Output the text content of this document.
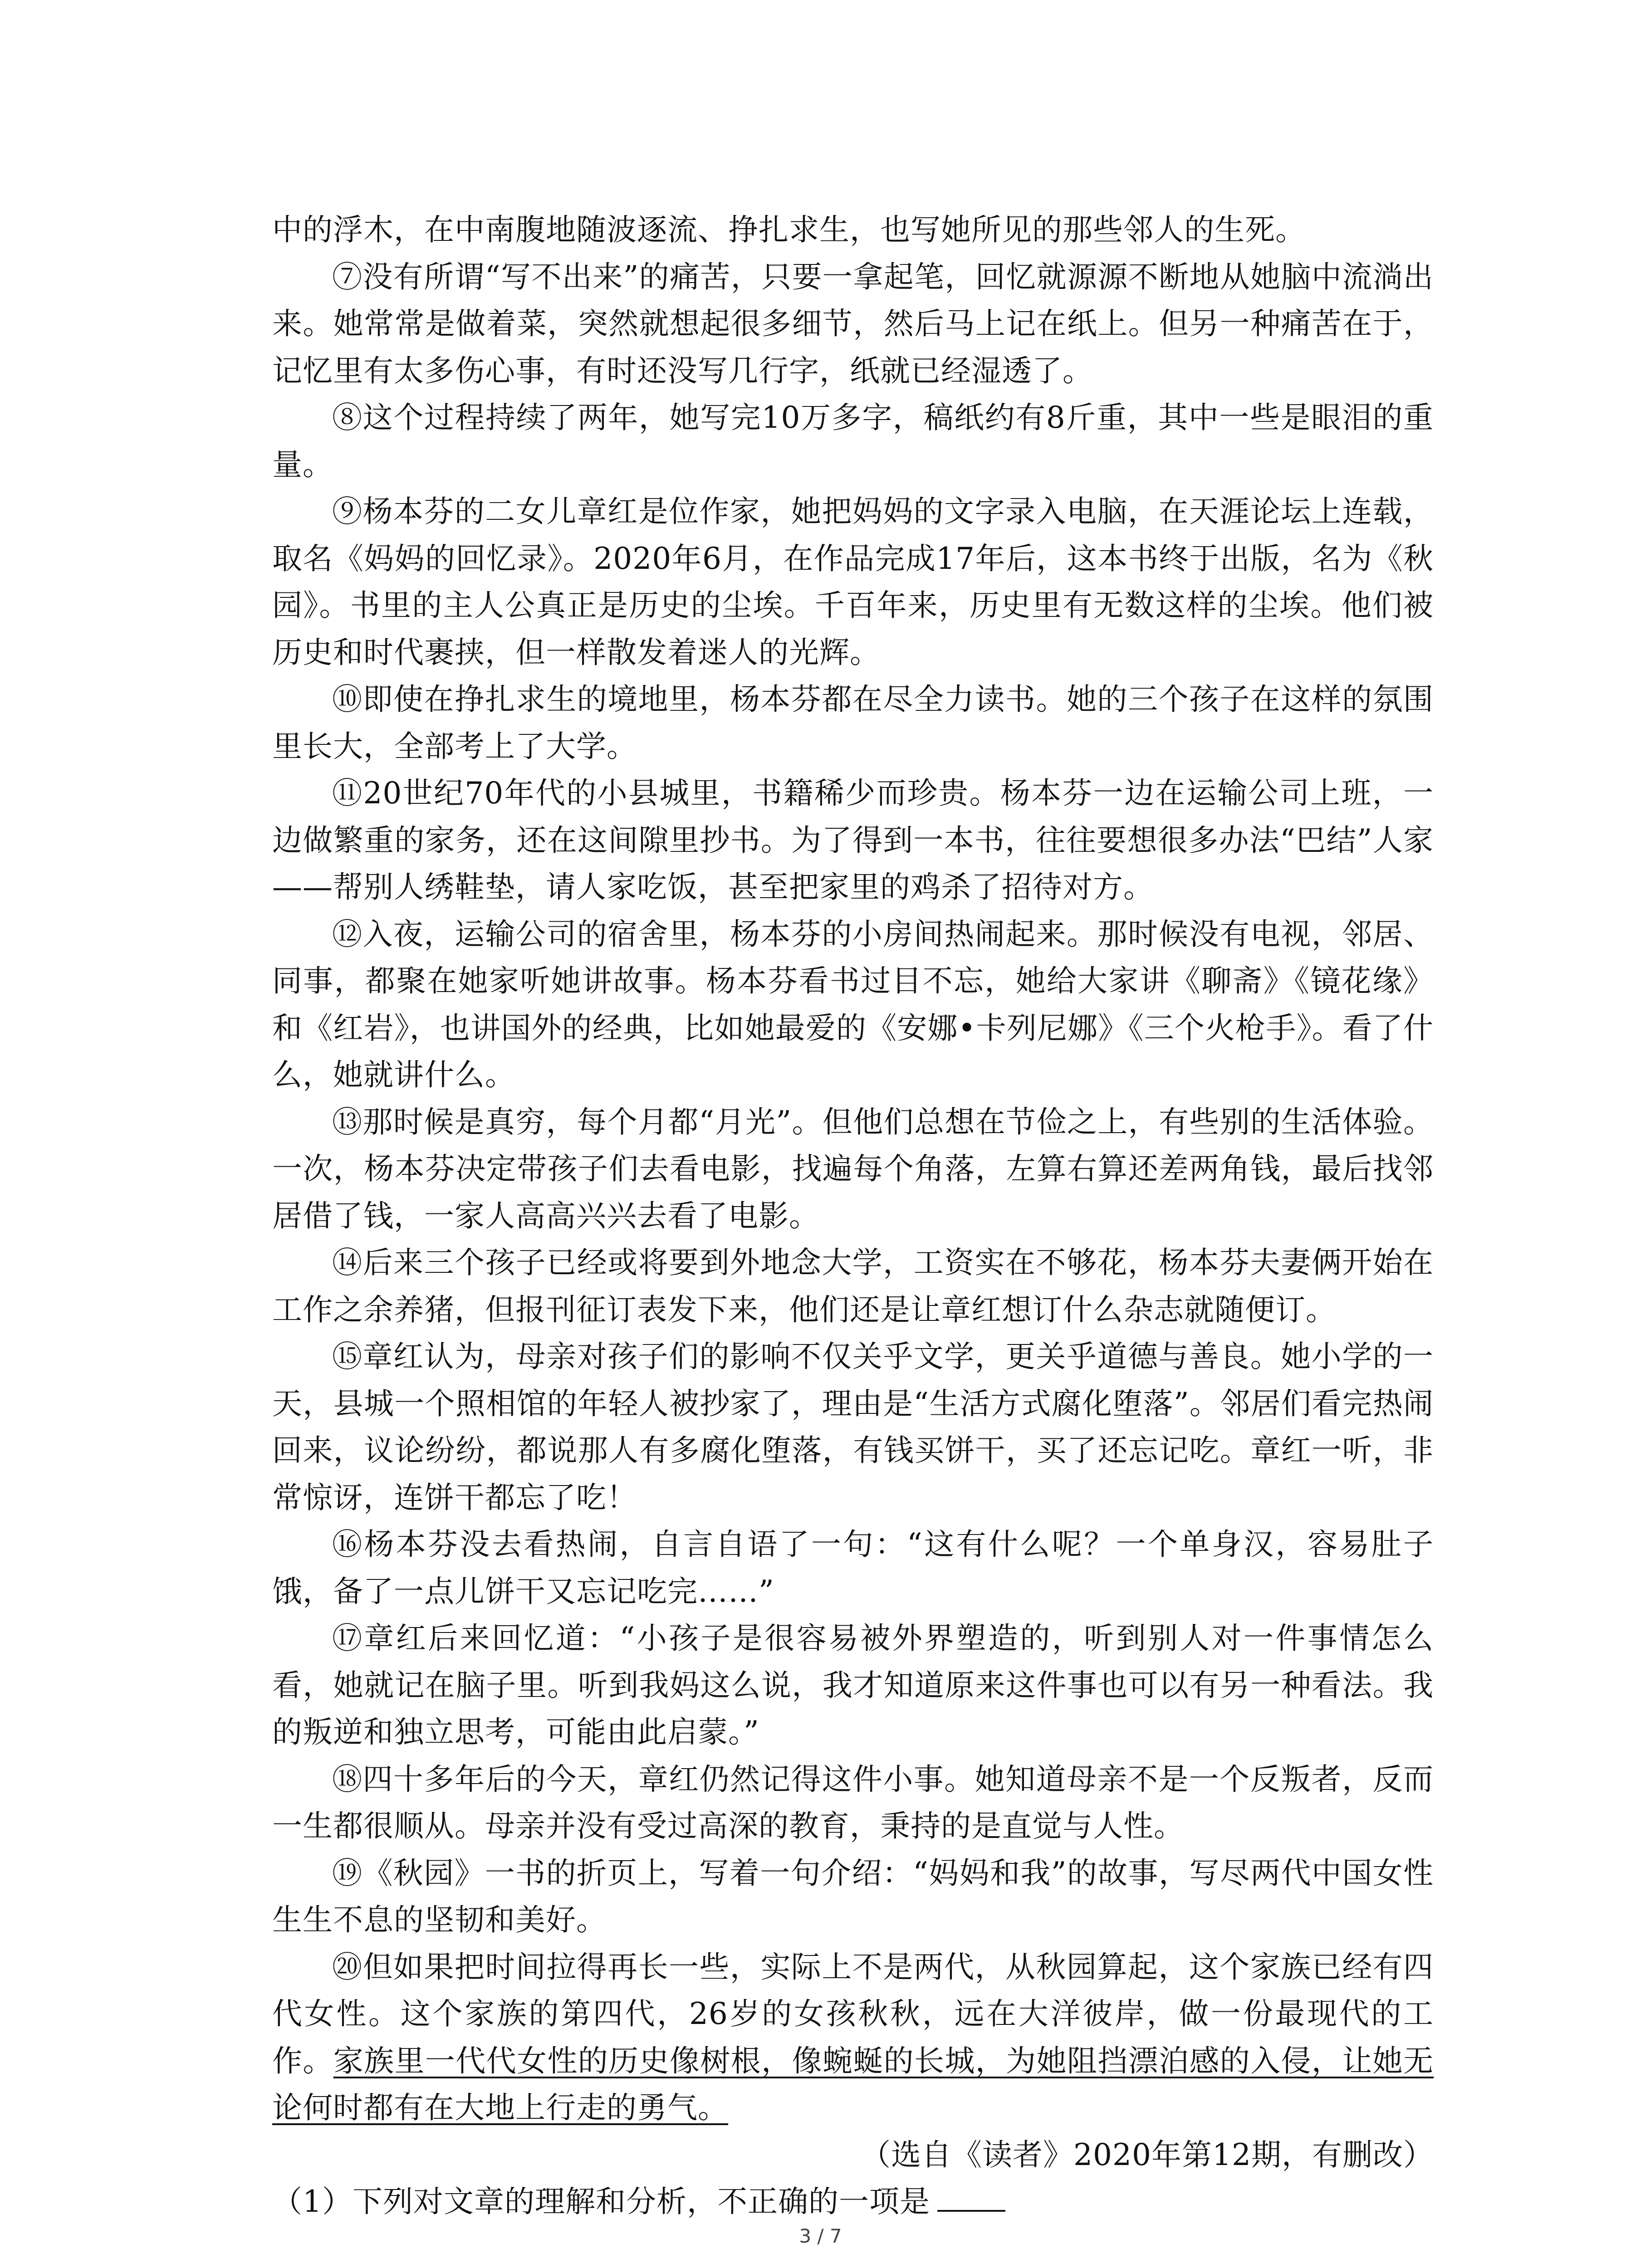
中的浮木，在中南腹地随波逐流、挣扎求生，也写她所见的那些邻人的生死。

⑦没有所谓“写不出来”的痛苦，只要一拿起笔，回忆就源源不断地从她脑中流淌出来。她常常是做着菜，突然就想起很多细节，然后马上记在纸上。但另一种痛苦在于，记忆里有太多伤心事，有时还没写几行字，纸就已经湿透了。

⑧这个过程持续了两年，她写完10万多字，稿纸约有8斤重，其中一些是眼泪的重量。

⑨杨本芬的二女儿章红是位作家，她把妈妈的文字录入电脑，在天涯论坛上连载，取名《妈妈的回忆录》。2020年6月，在作品完成17年后，这本书终于出版，名为《秋园》。书里的主人公真正是历史的尘埃。千百年来，历史里有无数这样的尘埃。他们被历史和时代裹挟，但一样散发着迷人的光辉。

⑩即使在挣扎求生的境地里，杨本芬都在尽全力读书。她的三个孩子在这样的氛围里长大，全部考上了大学。

⑪20世纪70年代的小县城里，书籍稀少而珍贵。杨本芬一边在运输公司上班，一边做繁重的家务，还在这间隙里抄书。为了得到一本书，往往要想很多办法“巴结”人家——帮别人绣鞋垫，请人家吃饭，甚至把家里的鸡杀了招待对方。

⑫入夜，运输公司的宿舍里，杨本芬的小房间热闹起来。那时候没有电视，邻居、同事，都聚在她家听她讲故事。杨本芬看书过目不忘，她给大家讲《聊斋》《镜花缘》和《红岩》，也讲国外的经典，比如她最爱的《安娜•卡列尼娜》《三个火枪手》。看了什么，她就讲什么。

⑬那时候是真穷，每个月都“月光”。但他们总想在节俭之上，有些别的生活体验。一次，杨本芬决定带孩子们去看电影，找遍每个角落，左算右算还差两角钱，最后找邻居借了钱，一家人高高兴兴去看了电影。

⑭后来三个孩子已经或将要到外地念大学，工资实在不够花，杨本芬夫妻俩开始在工作之余养猪，但报刊征订表发下来，他们还是让章红想订什么杂志就随便订。

⑮章红认为，母亲对孩子们的影响不仅关乎文学，更关乎道德与善良。她小学的一天，县城一个照相馆的年轻人被抄家了，理由是“生活方式腐化堕落”。邻居们看完热闹回来，议论纷纷，都说那人有多腐化堕落，有钱买饼干，买了还忘记吃。章红一听，非常惊讶，连饼干都忘了吃！

⑯杨本芬没去看热闹，自言自语了一句：“这有什么呢？一个单身汉，容易肚子饿，备了一点儿饼干又忘记吃完……”

⑰章红后来回忆道：“小孩子是很容易被外界塑造的，听到别人对一件事情怎么看，她就记在脑子里。听到我妈这么说，我才知道原来这件事也可以有另一种看法。我的叛逆和独立思考，可能由此启蒙。”

⑱四十多年后的今天，章红仍然记得这件小事。她知道母亲不是一个反叛者，反而一生都很顺从。母亲并没有受过高深的教育，秉持的是直觉与人性。

⑲《秋园》一书的折页上，写着一句介绍：“妈妈和我”的故事，写尽两代中国女性生生不息的坚韧和美好。

⑳但如果把时间拉得再长一些，实际上不是两代，从秋园算起，这个家族已经有四代女性。这个家族的第四代，26岁的女孩秋秋，远在大洋彼岸，做一份最现代的工作。家族里一代代女性的历史像树根，像蜿蜒的长城，为她阻挡漂泊感的入侵，让她无论何时都有在大地上行走的勇气。

（选自《读者》2020年第12期，有删改）

（1）下列对文章的理解和分析，不正确的一项是

3 / 7
